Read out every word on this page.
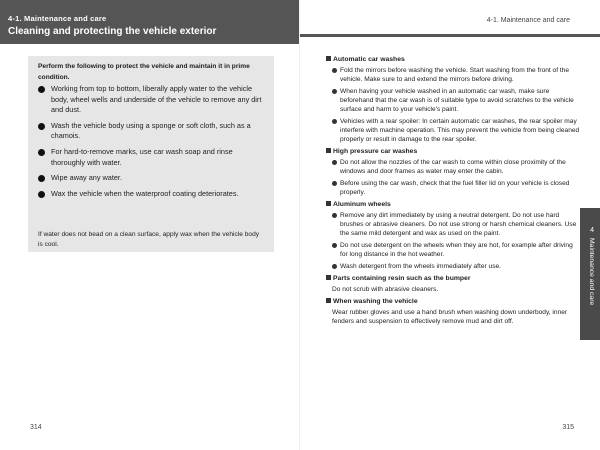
4-1. Maintenance and care
Cleaning and protecting the vehicle exterior
Perform the following to protect the vehicle and maintain it in prime condition.
Working from top to bottom, liberally apply water to the vehicle body, wheel wells and underside of the vehicle to remove any dirt and dust.
Wash the vehicle body using a sponge or soft cloth, such as a chamois.
For hard-to-remove marks, use car wash soap and rinse thoroughly with water.
Wipe away any water.
Wax the vehicle when the waterproof coating deteriorates.
If water does not bead on a clean surface, apply wax when the vehicle body is cool.
314
4-1. Maintenance and care
Automatic car washes
Fold the mirrors before washing the vehicle. Start washing from the front of the vehicle. Make sure to and extend the mirrors before driving.
When having your vehicle washed in an automatic car wash, make sure beforehand that the car wash is of suitable type to avoid scratches to the vehicle surface and harm to your vehicle's paint.
Vehicles with a rear spoiler: In certain automatic car washes, the rear spoiler may interfere with machine operation. This may prevent the vehicle from being cleaned properly or result in damage to the rear spoiler.
High pressure car washes
Do not allow the nozzles of the car wash to come within close proximity of the windows and door frames as water may enter the cabin.
Before using the car wash, check that the fuel filler lid on your vehicle is closed properly.
Aluminum wheels
Remove any dirt immediately by using a neutral detergent. Do not use hard brushes or abrasive cleaners. Do not use strong or harsh chemical cleaners. Use the same mild detergent and wax as used on the paint.
Do not use detergent on the wheels when they are hot, for example after driving for long distance in the hot weather.
Wash detergent from the wheels immediately after use.
Parts containing resin such as the bumper
Do not scrub with abrasive cleaners.
When washing the vehicle
Wear rubber gloves and use a hand brush when washing down underbody, inner fenders and suspension to effectively remove mud and dirt off.
4
Maintenance and care
315
